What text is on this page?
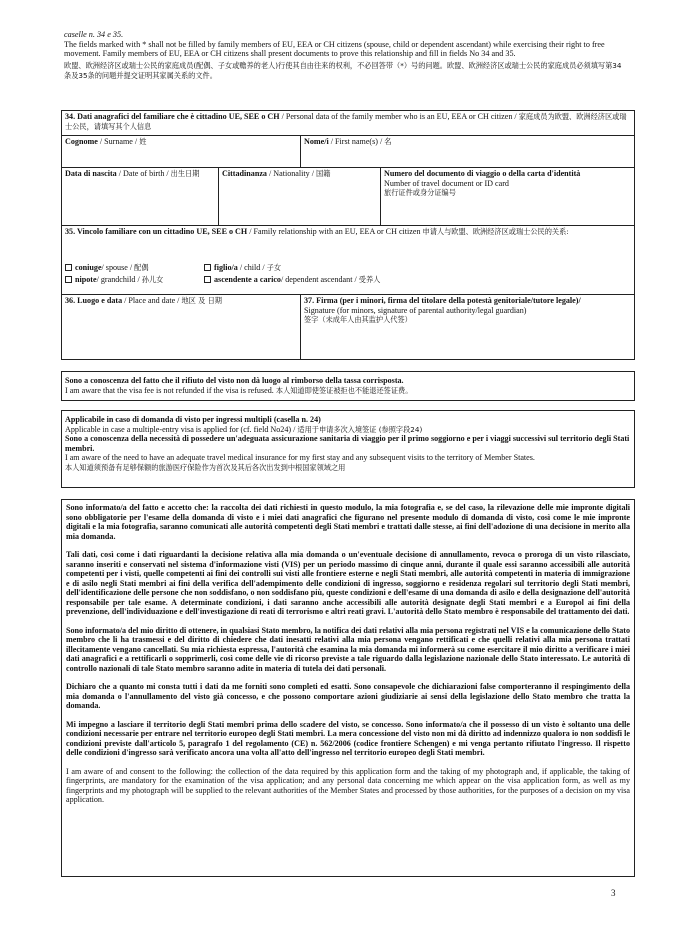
caselle n. 34 e 35.

The fields marked with * shall not be filled by family members of EU, EEA or CH citizens (spouse, child or dependent ascendant) while exercising their right to free movement. Family members of EU, EEA or CH citizens shall present documents to prove this relationship and fill in fields No 34 and 35.

欧盟、欧洲经济区或瑞士公民的家庭成员(配偶、子女或赡养的老人)行使其自由往来的权利，不必回答带（*）号的问题。欧盟、欧洲经济区或瑞士公民的家庭成员必须填写第34条及35条的问题并提交证明其家属关系的文件。

34. Dati anagrafici del familiare che è cittadino UE, SEE o CH / Personal data of the family member who is an EU, EEA or CH citizen / 家庭成员为欧盟、欧洲经济区或瑞士公民，请填写其个人信息
Cognome / Surname / 姓	Nome/i / First name(s) / 名
Data di nascita / Date of birth / 出生日期	Cittadinanza / Nationality / 国籍	Numero del documento di viaggio o della carta d'identità
Number of travel document or ID card
旅行证件或身分证编号
35. Vincolo familiare con un cittadino UE, SEE o CH / Family relationship with an EU, EEA or CH citizen 申请人与欧盟、欧洲经济区或瑞士公民的关系:
coniuge/ spouse / 配偶	figlio/a / child / 子女
nipote/ grandchild / 孙儿女	ascendente a carico/ dependent ascendant / 受养人
36. Luogo e data / Place and date / 地区 及 日期	37. Firma (per i minori, firma del titolare della potestà genitoriale/tutore legale)/
Signature (for minors, signature of parental authority/legal guardian)
签字（未成年人由其监护人代签）
Sono a conoscenza del fatto che il rifiuto del visto non dà luogo al rimborso della tassa corrisposta.
I am aware that the visa fee is not refunded if the visa is refused. 本人知道即使签证被拒也不能退还签证费。
Applicabile in caso di domanda di visto per ingressi multipli (casella n. 24)
Applicable in case a multiple-entry visa is applied for (cf. field No24) / 适用于申请多次入境签证 (参照字段24)
Sono a conoscenza della necessità di possedere un'adeguata assicurazione sanitaria di viaggio per il primo soggiorno e per i viaggi successivi sul territorio degli Stati membri.
I am aware of the need to have an adequate travel medical insurance for my first stay and any subsequent visits to the territory of Member States.
本人知道须预备有足够保额的旅游医疗保险作为首次及其后各次出发到中根国家领域之用

Sono informato/a del fatto e accetto che: la raccolta dei dati richiesti in questo modulo, la mia fotografia e, se del caso, la rilevazione delle mie impronte digitali sono obbligatorie per l'esame della domanda di visto e i miei dati anagrafici che figurano nel presente modulo di domanda di visto, così come le mie impronte digitali e la mia fotografia, saranno comunicati alle autorità competenti degli Stati membri e trattati dalle stesse, ai fini dell'adozione di una decisione in merito alla mia domanda.

Tali dati, così come i dati riguardanti la decisione relativa alla mia domanda o un'eventuale decisione di annullamento, revoca o proroga di un visto rilasciato, saranno inseriti e conservati nel sistema d'informazione visti (VIS) per un periodo massimo di cinque anni, durante il quale essi saranno accessibili alle autorità competenti per i visti, quelle competenti ai fini dei controlli sui visti alle frontiere esterne e negli Stati membri, alle autorità competenti in materia di immigrazione e di asilo negli Stati membri ai fini della verifica dell'adempimento delle condizioni di ingresso, soggiorno e residenza regolari sul territorio degli Stati membri, dell'identificazione delle persone che non soddisfano, o non soddisfano più, queste condizioni e dell'esame di una domanda di asilo e della designazione dell'autorità responsabile per tale esame. A determinate condizioni, i dati saranno anche accessibili alle autorità designate degli Stati membri e a Europol ai fini della prevenzione, dell'individuazione e dell'investigazione di reati di terrorismo e altri reati gravi. L'autorità dello Stato membro è responsabile del trattamento dei dati.

Sono informato/a del mio diritto di ottenere, in qualsiasi Stato membro, la notifica dei dati relativi alla mia persona registrati nel VIS e la comunicazione dello Stato membro che li ha trasmessi e del diritto di chiedere che dati inesatti relativi alla mia persona vengano rettificati e che quelli relativi alla mia persona trattati illecitamente vengano cancellati. Su mia richiesta espressa, l'autorità che esamina la mia domanda mi informerà su come esercitare il mio diritto a verificare i miei dati anagrafici e a rettificarli o sopprimerli, così come delle vie di ricorso previste a tale riguardo dalla legislazione nazionale dello Stato interessato. Le autorità di controllo nazionali di tale Stato membro saranno adite in materia di tutela dei dati personali.

Dichiaro che a quanto mi consta tutti i dati da me forniti sono completi ed esatti. Sono consapevole che dichiarazioni false comporteranno il respingimento della mia domanda o l'annullamento del visto già concesso, e che possono comportare azioni giudiziarie ai sensi della legislazione dello Stato membro che tratta la domanda.

Mi impegno a lasciare il territorio degli Stati membri prima dello scadere del visto, se concesso. Sono informato/a che il possesso di un visto è soltanto una delle condizioni necessarie per entrare nel territorio europeo degli Stati membri. La mera concessione del visto non mi dà diritto ad indennizzo qualora io non soddisfi le condizioni previste dall'articolo 5, paragrafo 1 del regolamento (CE) n. 562/2006 (codice frontiere Schengen) e mi venga pertanto rifiutato l'ingresso. Il rispetto delle condizioni d'ingresso sarà verificato ancora una volta all'atto dell'ingresso nel territorio europeo degli Stati membri.

I am aware of and consent to the following: the collection of the data required by this application form and the taking of my photograph and, if applicable, the taking of fingerprints, are mandatory for the examination of the visa application; and any personal data concerning me which appear on the visa application form, as well as my fingerprints and my photograph will be supplied to the relevant authorities of the Member States and processed by those authorities, for the purposes of a decision on my visa application.

3
